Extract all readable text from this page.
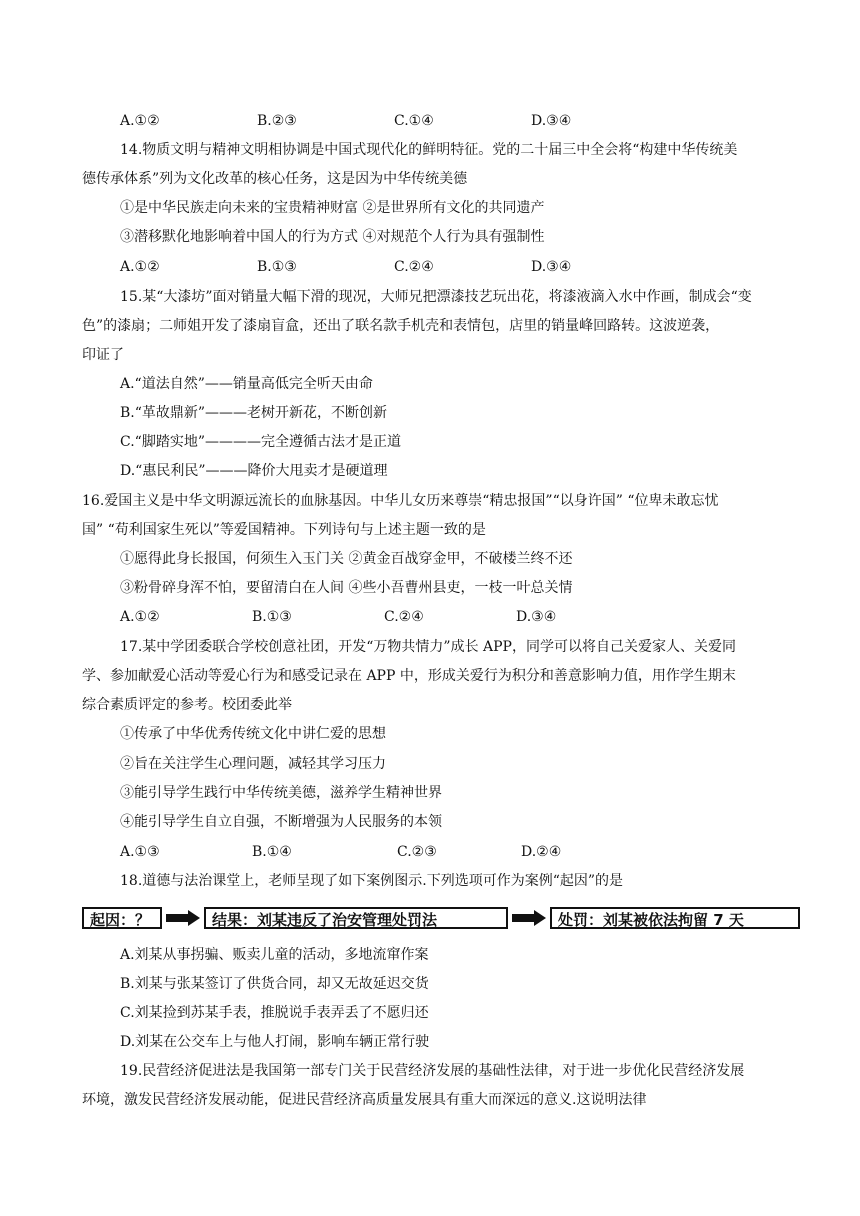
A.①②	B.②③	C.①④	D.③④
14.物质文明与精神文明相协调是中国式现代化的鲜明特征。党的二十届三中全会将“构建中华传统美
德传承体系”列为文化改革的核心任务，这是因为中华传统美德
①是中华民族走向未来的宝贵精神财富 ②是世界所有文化的共同遗产
③潜移默化地影响着中国人的行为方式 ④对规范个人行为具有强制性
A.①②	B.①③	C.②④	D.③④
15.某“大漆坊”面对销量大幅下滑的现况，大师兄把漂漆技艺玩出花，将漆液滴入水中作画，制成会“变
色”的漆扇；二师姐开发了漆扇盲盒，还出了联名款手机壳和表情包，店里的销量峰回路转。这波逆袭，
印证了
A.“道法自然”——销量高低完全听天由命
B.“革故鼎新”———老树开新花，不断创新
C.“脚踏实地”————完全遵循古法才是正道
D.“惠民利民”———降价大甩卖才是硬道理
16.爱国主义是中华文明源远流长的血脉基因。中华儿女历来尊崇“精忠报国”“以身许国” “位卑未敢忘忧
国” “苟利国家生死以”等爱国精神。下列诗句与上述主题一致的是
①愿得此身长报国，何须生入玉门关 ②黄金百战穿金甲，不破楼兰终不还
③粉骨碎身浑不怕，要留清白在人间 ④些小吾曹州县吏，一枝一叶总关情
A.①②	B.①③	C.②④	D.③④
17.某中学团委联合学校创意社团，开发“万物共情力”成长 APP，同学可以将自己关爱家人、关爱同
学、参加献爱心活动等爱心行为和感受记录在 APP 中，形成关爱行为积分和善意影响力值，用作学生期末
综合素质评定的参考。校团委此举
①传承了中华优秀传统文化中讲仁爱的思想
②旨在关注学生心理问题，减轻其学习压力
③能引导学生践行中华传统美德，滋养学生精神世界
④能引导学生自立自强，不断增强为人民服务的本领
A.①③	B.①④	C.②③	D.②④
18.道德与法治课堂上，老师呈现了如下案例图示.下列选项可作为案例“起因”的是
起因：？	结果：刘某违反了治安管理处罚法	处罚：刘某被依法拘留 7 天
A.刘某从事拐骗、贩卖儿童的活动，多地流窜作案
B.刘某与张某签订了供货合同，却又无故延迟交货
C.刘某捡到苏某手表，推脱说手表弄丢了不愿归还
D.刘某在公交车上与他人打闹，影响车辆正常行驶
19.民营经济促进法是我国第一部专门关于民营经济发展的基础性法律，对于进一步优化民营经济发展
环境，激发民营经济发展动能，促进民营经济高质量发展具有重大而深远的意义.这说明法律
